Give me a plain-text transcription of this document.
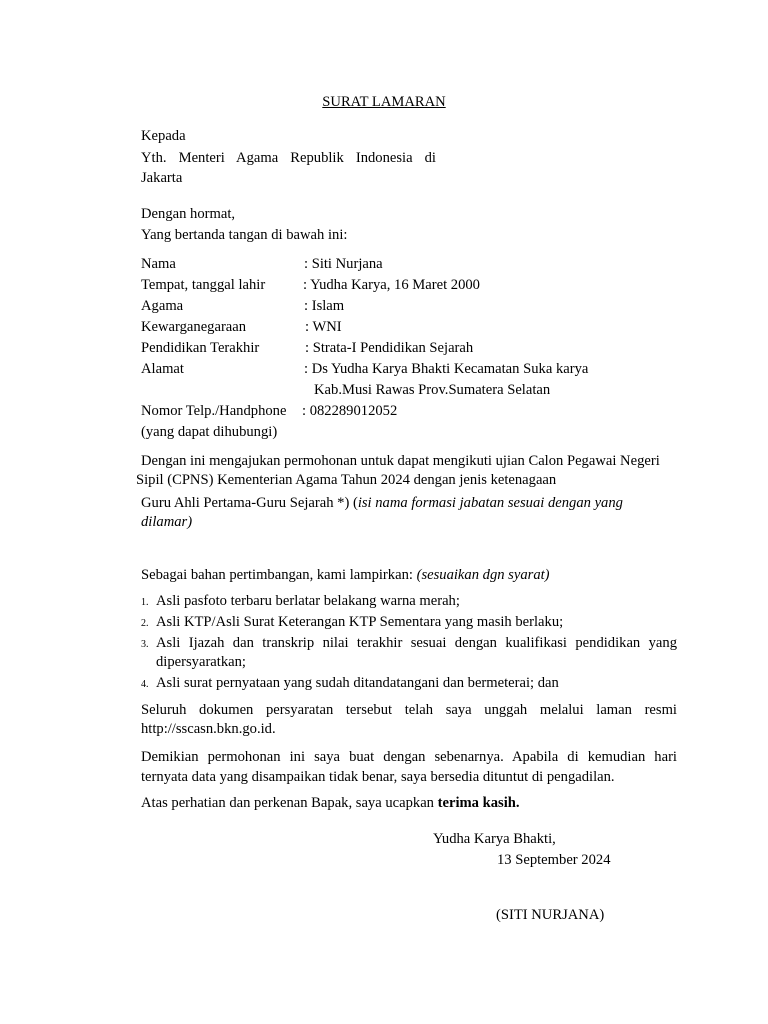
SURAT LAMARAN
Kepada
Yth. Menteri Agama Republik Indonesia di
Jakarta
Dengan hormat,
Yang bertanda tangan di bawah ini:
Nama	: Siti Nurjana
Tempat, tanggal lahir	: Yudha Karya, 16 Maret 2000
Agama	: Islam
Kewarganegaraan	: WNI
Pendidikan Terakhir	: Strata-I Pendidikan Sejarah
Alamat	: Ds Yudha Karya Bhakti Kecamatan Suka karya
Kab.Musi Rawas Prov.Sumatera Selatan
Nomor Telp./Handphone : 082289012052
(yang dapat dihubungi)
Dengan ini mengajukan permohonan untuk dapat mengikuti ujian Calon Pegawai Negeri
Sipil (CPNS) Kementerian Agama Tahun 2024 dengan jenis ketenagaan
Guru Ahli Pertama-Guru Sejarah *) (isi nama formasi jabatan sesuai dengan yang
dilamar)
Sebagai bahan pertimbangan, kami lampirkan: (sesuaikan dgn syarat)
1. Asli pasfoto terbaru berlatar belakang warna merah;
2. Asli KTP/Asli Surat Keterangan KTP Sementara yang masih berlaku;
3. Asli Ijazah dan transkrip nilai terakhir sesuai dengan kualifikasi pendidikan yang
dipersyaratkan;
4. Asli surat pernyataan yang sudah ditandatangani dan bermeterai; dan
Seluruh dokumen persyaratan tersebut telah saya unggah melalui laman resmi
http://sscasn.bkn.go.id.
Demikian permohonan ini saya buat dengan sebenarnya. Apabila di kemudian hari
ternyata data yang disampaikan tidak benar, saya bersedia dituntut di pengadilan.
Atas perhatian dan perkenan Bapak, saya ucapkan terima kasih.
Yudha Karya Bhakti,
13 September 2024
(SITI NURJANA)
